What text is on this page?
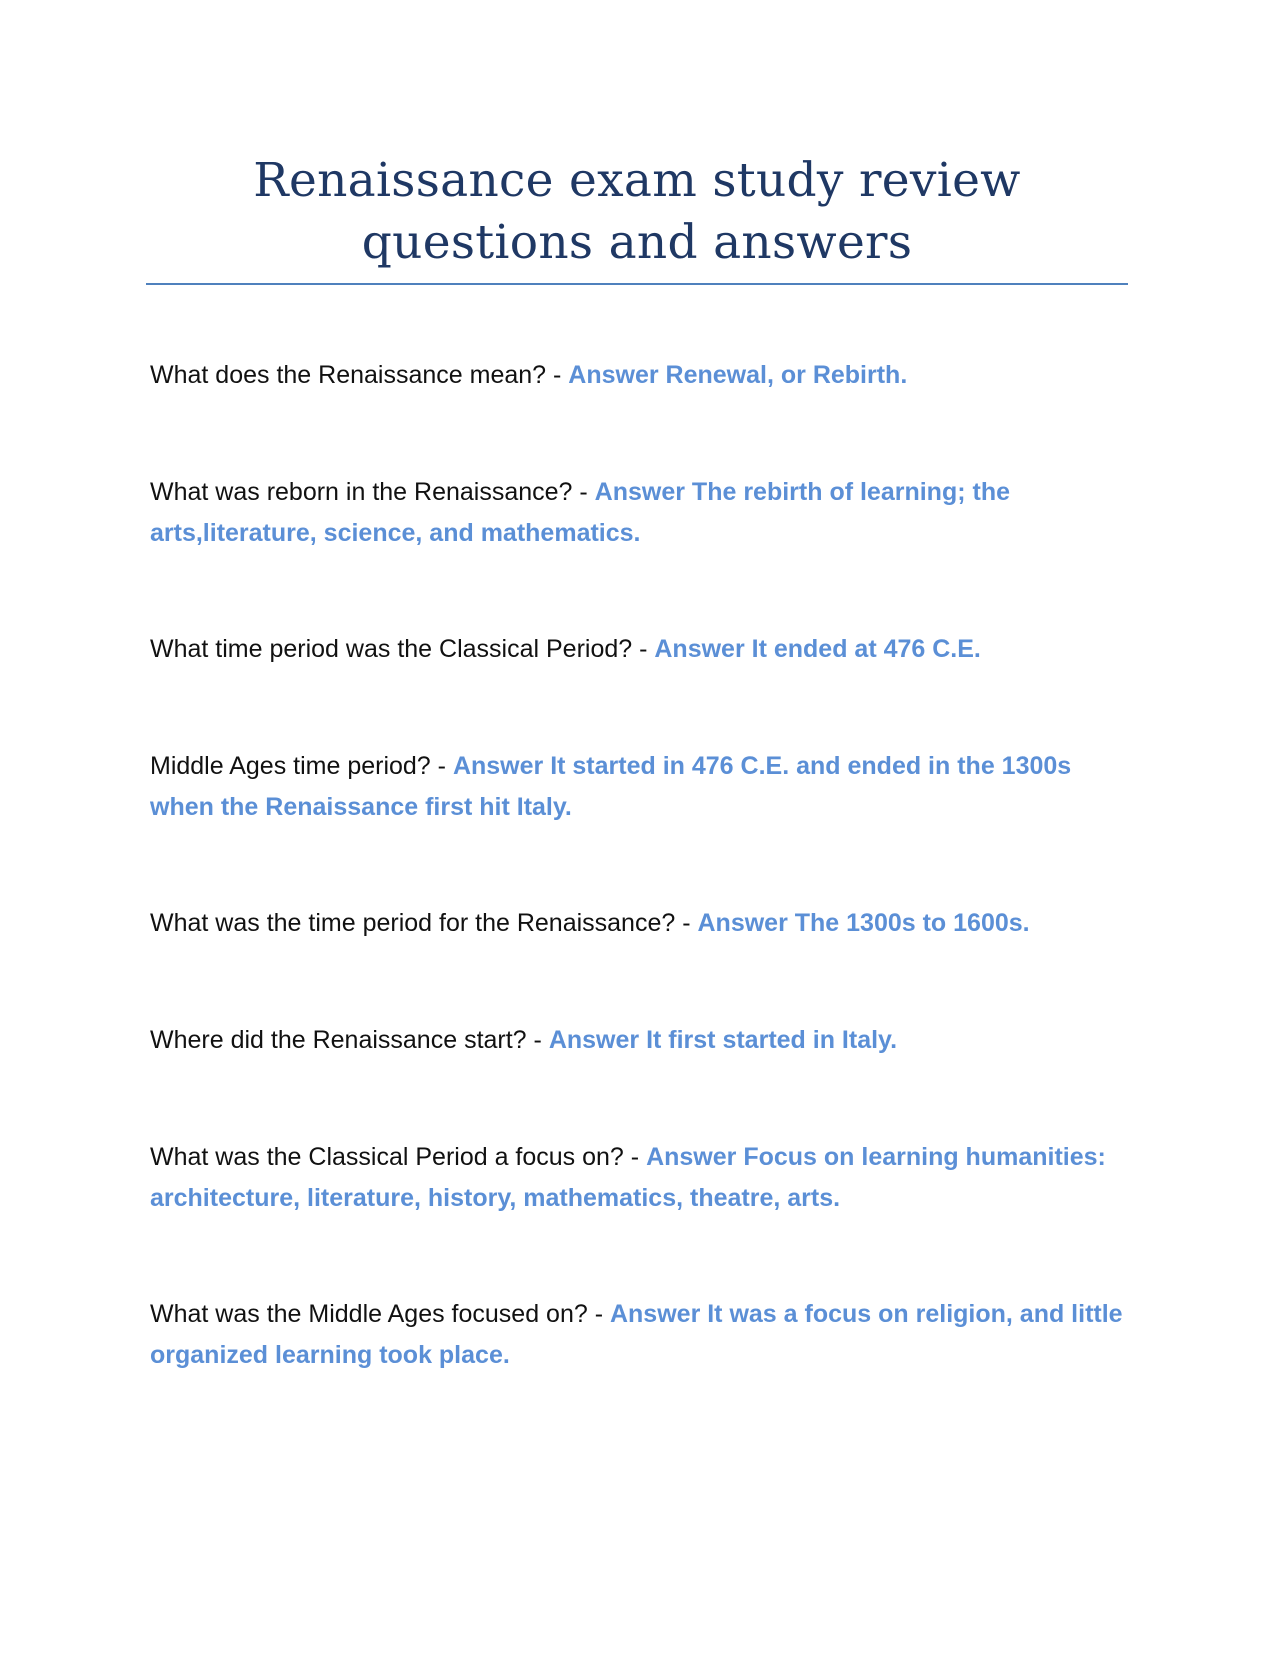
Renaissance exam study review
questions and answers

What does the Renaissance mean? - Answer Renewal, or Rebirth.

What was reborn in the Renaissance? - Answer The rebirth of learning; the arts,literature, science, and mathematics.

What time period was the Classical Period? - Answer It ended at 476 C.E.

Middle Ages time period? - Answer It started in 476 C.E. and ended in the 1300s when the Renaissance first hit Italy.

What was the time period for the Renaissance? - Answer The 1300s to 1600s.

Where did the Renaissance start? - Answer It first started in Italy.

What was the Classical Period a focus on? - Answer Focus on learning humanities: architecture, literature, history, mathematics, theatre, arts.

What was the Middle Ages focused on? - Answer It was a focus on religion, and little organized learning took place.
